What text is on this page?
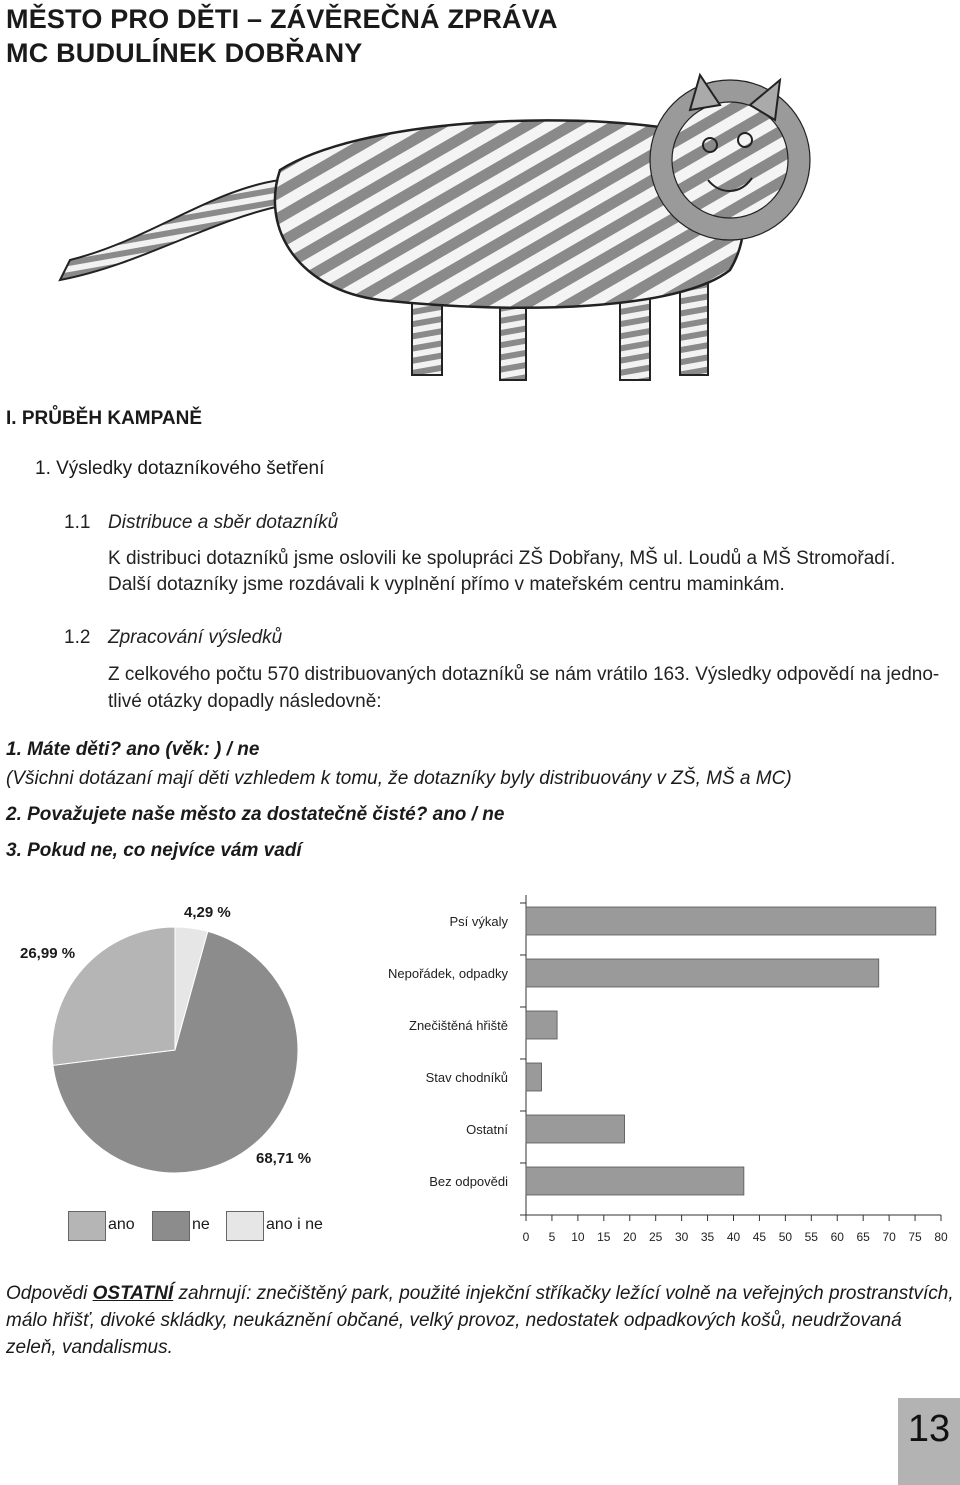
MĚSTO PRO DĚTI – ZÁVĚREČNÁ ZPRÁVA
MC BUDULÍNEK DOBŘANY
I. PRŮBĚH KAMPANĚ
1. Výsledky dotazníkového šetření
1.1 Distribuce a sběr dotazníků
K distribuci dotazníků jsme oslovili ke spolupráci ZŠ Dobřany, MŠ ul. Loudů a MŠ Stromořadí.
Další dotazníky jsme rozdávali k vyplnění přímo v mateřském centru maminkám.
1.2 Zpracování výsledků
Z celkového počtu 570 distribuovaných dotazníků se nám vrátilo 163. Výsledky odpovědí na jedno-
tlivé otázky dopadly následovně:
1. Máte děti? ano (věk: ) / ne
(Všichni dotázaní mají děti vzhledem k tomu, že dotazníky byly distribuovány v ZŠ, MŠ a MC)
2. Považujete naše město za dostatečně čisté? ano / ne
3. Pokud ne, co nejvíce vám vadí
4,29 %
26,99 %
68,71 %
ano	ne	ano i ne
Psí výkaly
Nepořádek, odpadky
Znečištěná hřiště
Stav chodníků
Ostatní
Bez odpovědi
0 5 10 15 20 25 30 35 40 45 50 55 60 65 70 75 80
Odpovědi OSTATNÍ zahrnují: znečištěný park, použité injekční stříkačky ležící volně na veřejných prostranstvích, málo hřišť, divoké skládky, neukáznění občané, velký provoz, nedostatek odpadkových košů, neudržovaná zeleň, vandalismus.
13
